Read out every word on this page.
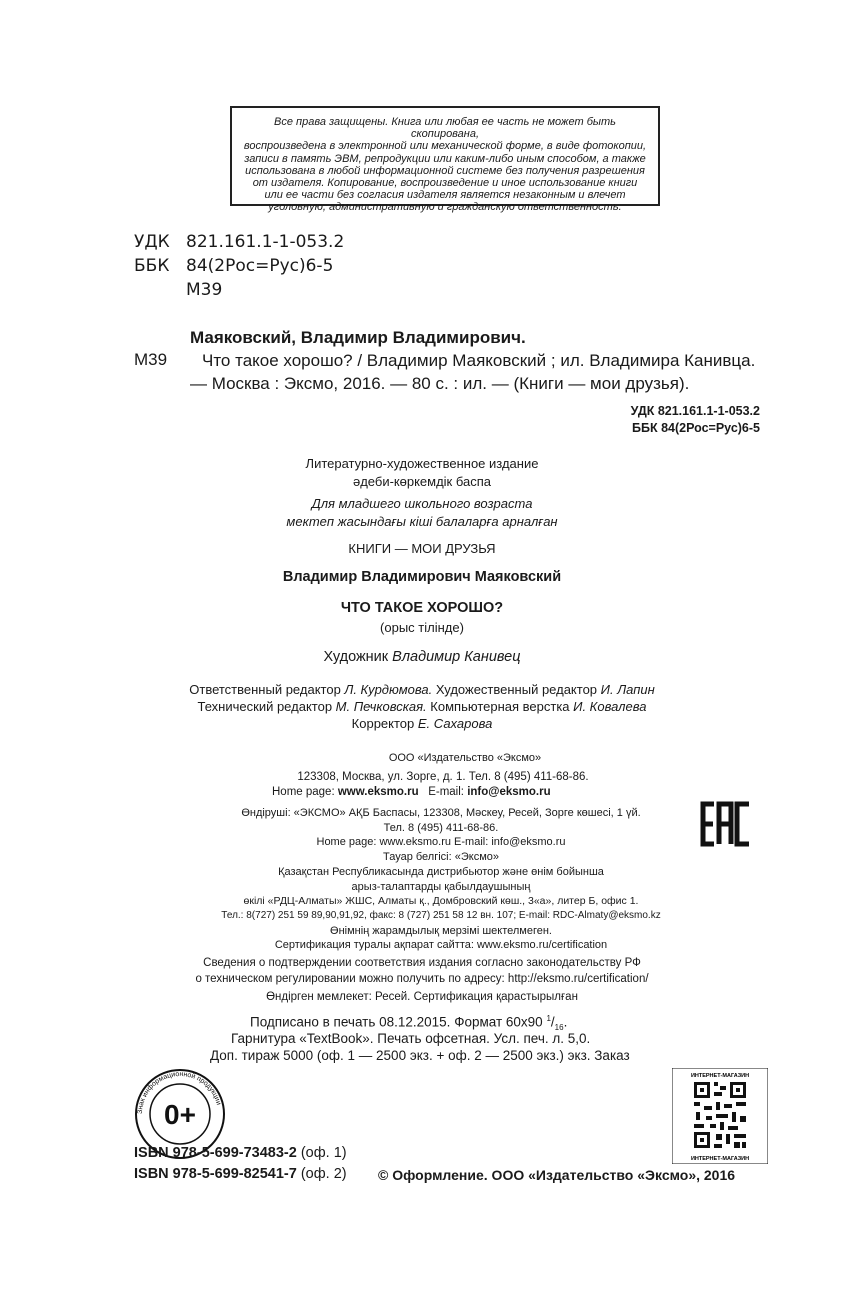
Все права защищены. Книга или любая ее часть не может быть скопирована,
воспроизведена в электронной или механической форме, в виде фотокопии,
записи в память ЭВМ, репродукции или каким-либо иным способом, а также
использована в любой информационной системе без получения разрешения
от издателя. Копирование, воспроизведение и иное использование книги
или ее части без согласия издателя является незаконным и влечет
уголовную, административную и гражданскую ответственность.
УДК 821.161.1-1-053.2
ББК 84(2Рос=Рус)6-5
М39
Маяковский, Владимир Владимирович.
М39	Что такое хорошо? / Владимир Маяковский ; ил. Владимира Канивца. — Москва : Эксмо, 2016. — 80 с. : ил. — (Книги — мои друзья).
УДК 821.161.1-1-053.2
ББК 84(2Рос=Рус)6-5
Литературно-художественное издание
әдеби-көркемдік баспа
Для младшего школьного возраста
мектеп жасындағы кіші балаларға арналған
КНИГИ — МОИ ДРУЗЬЯ
Владимир Владимирович Маяковский
ЧТО ТАКОЕ ХОРОШО?
(орыс тілінде)
Художник Владимир Канивец
Ответственный редактор Л. Курдюмова. Художественный редактор И. Лапин
Технический редактор М. Печковская. Компьютерная верстка И. Ковалева
Корректор Е. Сахарова
ООО «Издательство «Эксмо»
123308, Москва, ул. Зорге, д. 1. Тел. 8 (495) 411-68-86.
Home page: www.eksmo.ru E-mail: info@eksmo.ru
Өндіруші: «ЭКСМО» АҚБ Баспасы, 123308, Мәскеу, Ресей, Зорге көшесі, 1 үй.
Тел. 8 (495) 411-68-86.
Home page: www.eksmo.ru E-mail: info@eksmo.ru
Тауар белгісі: «Эксмо»
Қазақстан Республикасында дистрибьютор және өнім бойынша
арыз-талаптарды қабылдаушының
өкілі «РДЦ-Алматы» ЖШС, Алматы қ., Домбровский көш., 3«а», литер Б, офис 1.
Тел.: 8(727) 251 59 89,90,91,92, факс: 8 (727) 251 58 12 вн. 107; E-mail: RDC-Almaty@eksmo.kz
Өнімнің жарамдылық мерзімі шектелмеген.
Сертификация туралы ақпарат сайтта: www.eksmo.ru/certification
Сведения о подтверждении соответствия издания согласно законодательству РФ
о техническом регулировании можно получить по адресу: http://eksmo.ru/certification/
Өндірген мемлекет: Ресей. Сертификация қарастырылған
Подписано в печать 08.12.2015. Формат 60x90 $^1/_{16}$.
Гарнитура «TextBook». Печать офсетная. Усл. печ. л. 5,0.
Доп. тираж 5000 (оф. 1 — 2500 экз. + оф. 2 — 2500 экз.) экз. Заказ
Знак информационной продукции
0+
ИНТЕРНЕТ-МАГАЗИН
ИНТЕРНЕТ-МАГАЗИН
ISBN 978-5-699-73483-2 (оф. 1)
ISBN 978-5-699-82541-7 (оф. 2) © Оформление. ООО «Издательство «Эксмо», 2016
